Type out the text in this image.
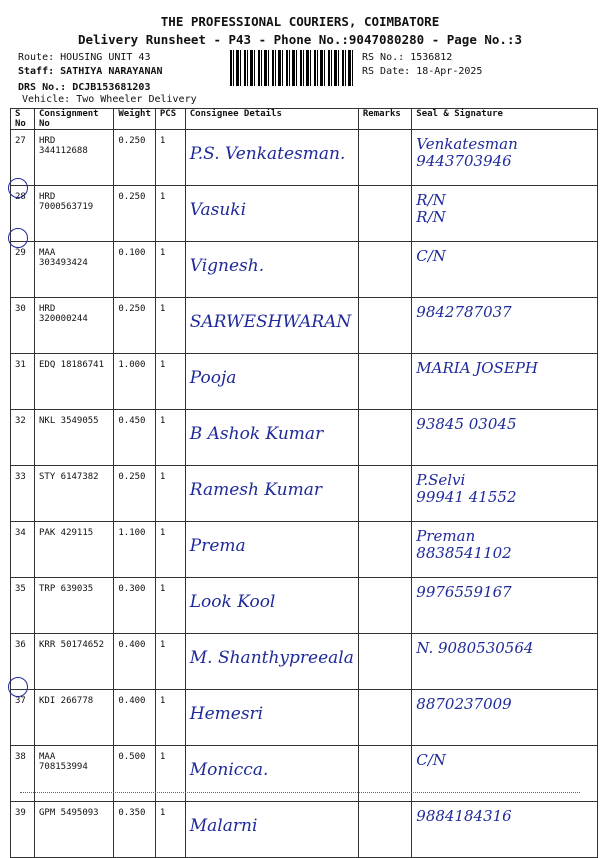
THE PROFESSIONAL COURIERS, COIMBATORE
Delivery Runsheet - P43 - Phone No.:9047080280 - Page No.:3
Route: HOUSING UNIT 43
Staff: SATHIYA NARAYANAN
DRS No.: DCJB153681203
Vehicle: Two Wheeler Delivery
RS No.: 1536812
RS Date: 18-Apr-2025
S No	Consignment No	Weight	PCS	Consignee Details	Remarks	Seal & Signature

27	HRD 344112688	0.250	1	P.S. Venkatesman.		Venkatesman
9443703946

28	HRD 7000563719	0.250	1	Vasuki		R/N
R/N

29	MAA 303493424	0.100	1	Vignesh.		C/N

30	HRD 320000244	0.250	1	SARWESHWARAN		9842787037

31	EDQ 18186741	1.000	1	Pooja		MARIA JOSEPH

32	NKL 3549055	0.450	1	B Ashok Kumar		93845 03045

33	STY 6147382	0.250	1	Ramesh Kumar		P.Selvi
99941 41552

34	PAK 429115	1.100	1	Prema		Preman
8838541102

35	TRP 639035	0.300	1	Look Kool		9976559167

36	KRR 50174652	0.400	1	M. Shanthypreeala		N. 9080530564

37	KDI 266778	0.400	1	Hemesri		8870237009

38	MAA 708153994	0.500	1	Monicca.		C/N

39	GPM 5495093	0.350	1	Malarni		9884184316
